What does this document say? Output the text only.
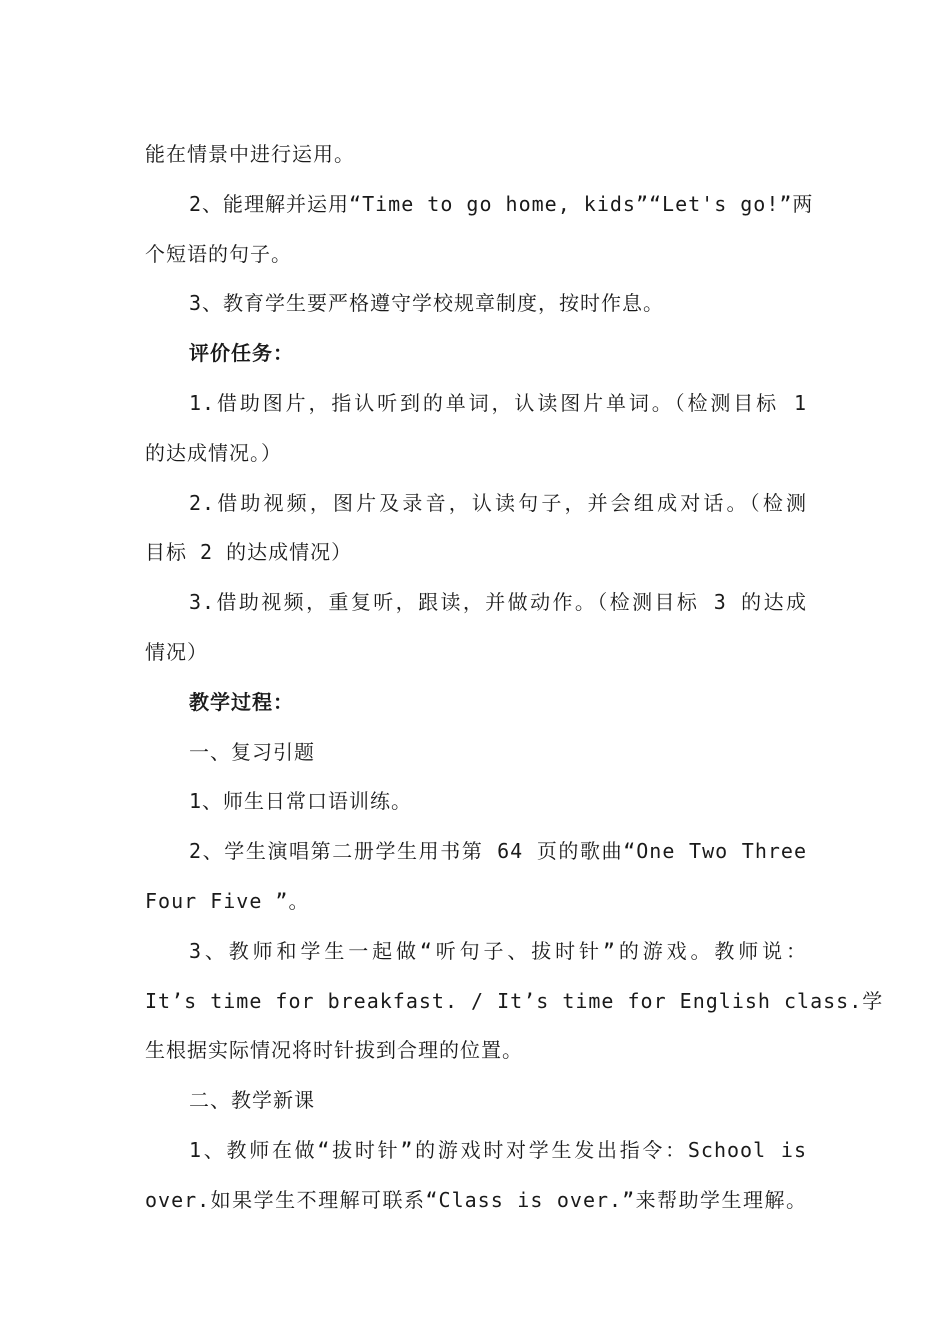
能在情景中进行运用。
2、能理解并运用“Time to go home, kids”“Let's go!”两
个短语的句子。
3、教育学生要严格遵守学校规章制度，按时作息。
评价任务：
1.借助图片，指认听到的单词，认读图片单词。（检测目标 1
的达成情况。）
2.借助视频，图片及录音，认读句子，并会组成对话。（检测
目标 2 的达成情况）
3.借助视频，重复听，跟读，并做动作。（检测目标 3 的达成
情况）
教学过程：
一、复习引题
1、师生日常口语训练。
2、学生演唱第二册学生用书第 64 页的歌曲“One Two Three
Four Five ”。
3、教师和学生一起做“听句子、拔时针”的游戏。教师说：
It’s time for breakfast. / It’s time for English class.学
生根据实际情况将时针拔到合理的位置。
二、教学新课
1、教师在做“拔时针”的游戏时对学生发出指令：School is
over.如果学生不理解可联系“Class is over.”来帮助学生理解。
